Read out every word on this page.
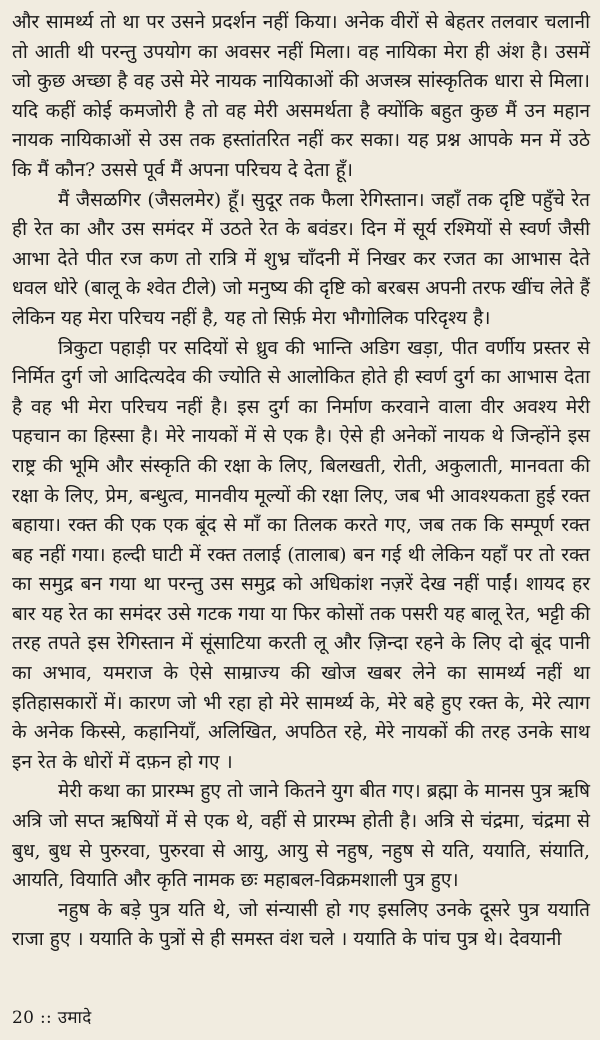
और सामर्थ्य तो था पर उसने प्रदर्शन नहीं किया। अनेक वीरों से बेहतर तलवार चलानी तो आती थी परन्तु उपयोग का अवसर नहीं मिला। वह नायिका मेरा ही अंश है। उसमें जो कुछ अच्छा है वह उसे मेरे नायक नायिकाओं की अजस्त्र सांस्कृतिक धारा से मिला। यदि कहीं कोई कमजोरी है तो वह मेरी असमर्थता है क्योंकि बहुत कुछ मैं उन महान नायक नायिकाओं से उस तक हस्तांतरित नहीं कर सका। यह प्रश्न आपके मन में उठे कि मैं कौन? उससे पूर्व मैं अपना परिचय दे देता हूँ।

मैं जैसळगिर (जैसलमेर) हूँ। सुदूर तक फैला रेगिस्तान। जहाँ तक दृष्टि पहुँचे रेत ही रेत का और उस समंदर में उठते रेत के बवंडर। दिन में सूर्य रश्मियों से स्वर्ण जैसी आभा देते पीत रज कण तो रात्रि में शुभ्र चाँदनी में निखर कर रजत का आभास देते धवल धोरे (बालू के श्वेत टीले) जो मनुष्य की दृष्टि को बरबस अपनी तरफ खींच लेते हैं लेकिन यह मेरा परिचय नहीं है, यह तो सिर्फ़ मेरा भौगोलिक परिदृश्य है।

त्रिकुटा पहाड़ी पर सदियों से ध्रुव की भान्ति अडिग खड़ा, पीत वर्णीय प्रस्तर से निर्मित दुर्ग जो आदित्यदेव की ज्योति से आलोकित होते ही स्वर्ण दुर्ग का आभास देता है वह भी मेरा परिचय नहीं है। इस दुर्ग का निर्माण करवाने वाला वीर अवश्य मेरी पहचान का हिस्सा है। मेरे नायकों में से एक है। ऐसे ही अनेकों नायक थे जिन्होंने इस राष्ट्र की भूमि और संस्कृति की रक्षा के लिए, बिलखती, रोती, अकुलाती, मानवता की रक्षा के लिए, प्रेम, बन्धुत्व, मानवीय मूल्यों की रक्षा लिए, जब भी आवश्यकता हुई रक्त बहाया। रक्त की एक एक बूंद से माँ का तिलक करते गए, जब तक कि सम्पूर्ण रक्त बह नहीं गया। हल्दी घाटी में रक्त तलाई (तालाब) बन गई थी लेकिन यहाँ पर तो रक्त का समुद्र बन गया था परन्तु उस समुद्र को अधिकांश नज़रें देख नहीं पाईं। शायद हर बार यह रेत का समंदर उसे गटक गया या फिर कोसों तक पसरी यह बालू रेत, भट्टी की तरह तपते इस रेगिस्तान में सूंसाटिया करती लू और ज़िन्दा रहने के लिए दो बूंद पानी का अभाव, यमराज के ऐसे साम्राज्य की खोज खबर लेने का सामर्थ्य नहीं था इतिहासकारों में। कारण जो भी रहा हो मेरे सामर्थ्य के, मेरे बहे हुए रक्त के, मेरे त्याग के अनेक किस्से, कहानियाँ, अलिखित, अपठित रहे, मेरे नायकों की तरह उनके साथ इन रेत के धोरों में दफ़न हो गए ।

मेरी कथा का प्रारम्भ हुए तो जाने कितने युग बीत गए। ब्रह्मा के मानस पुत्र ऋषि अत्रि जो सप्त ऋषियों में से एक थे, वहीं से प्रारम्भ होती है। अत्रि से चंद्रमा, चंद्रमा से बुध, बुध से पुरुरवा, पुरुरवा से आयु, आयु से नहुष, नहुष से यति, ययाति, संयाति, आयति, वियाति और कृति नामक छः महाबल-विक्रमशाली पुत्र हुए।

नहुष के बड़े पुत्र यति थे, जो संन्यासी हो गए इसलिए उनके दूसरे पुत्र ययाति राजा हुए । ययाति के पुत्रों से ही समस्त वंश चले । ययाति के पांच पुत्र थे। देवयानी

20 :: उमादे
